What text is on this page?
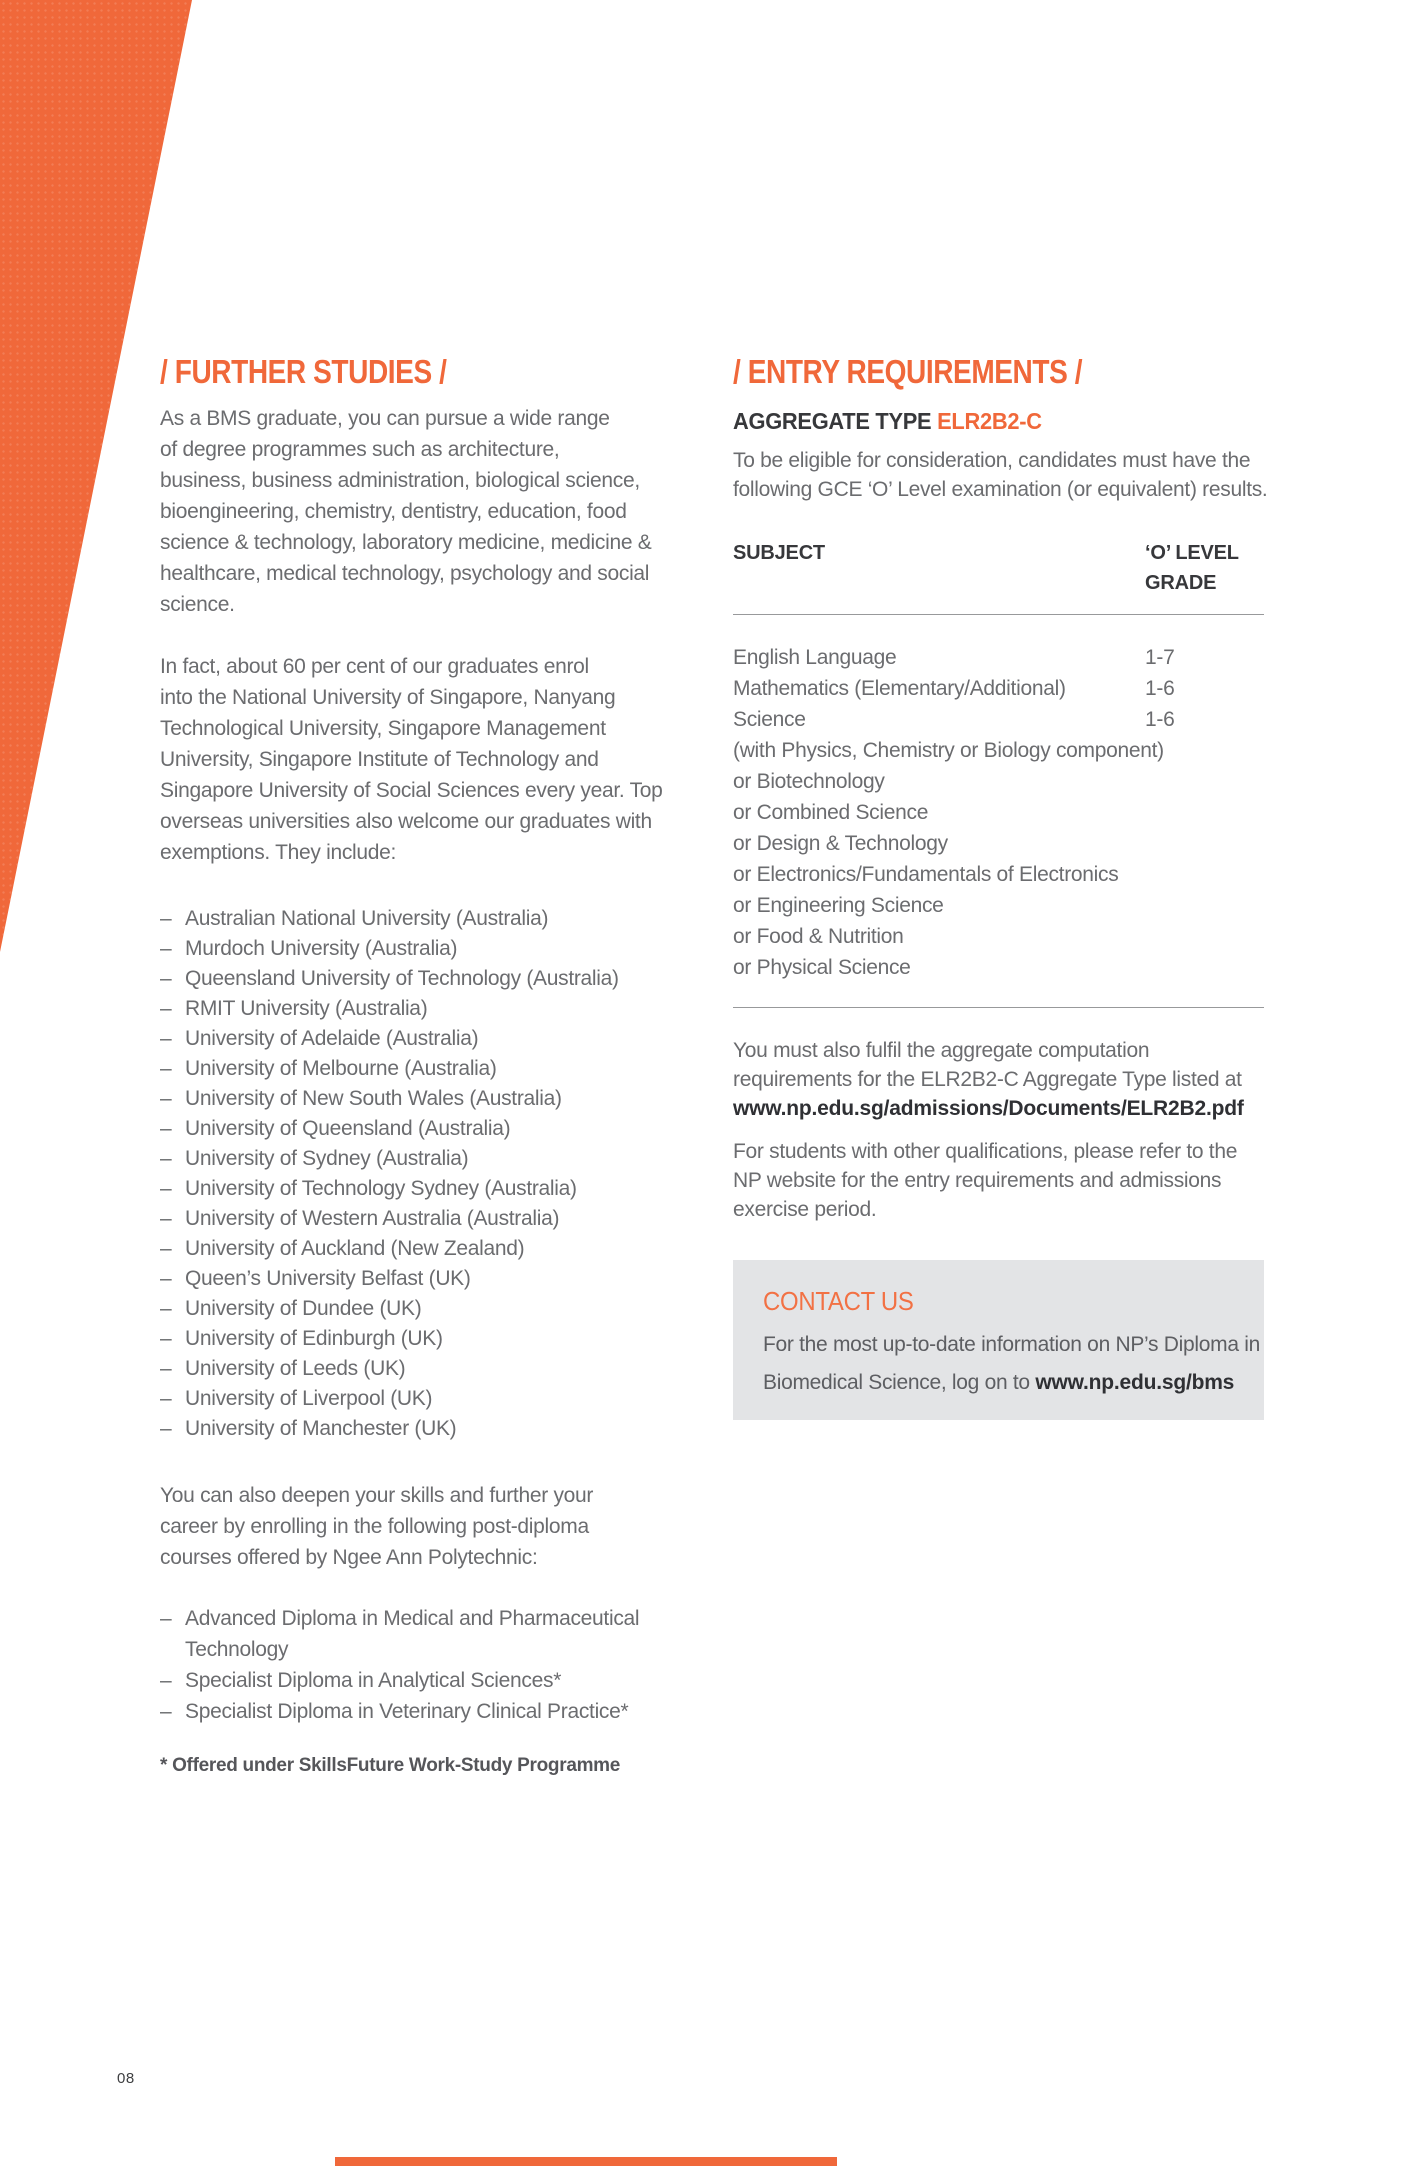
/ FURTHER STUDIES /
As a BMS graduate, you can pursue a wide range
of degree programmes such as architecture,
business, business administration, biological science,
bioengineering, chemistry, dentistry, education, food
science & technology, laboratory medicine, medicine &
healthcare, medical technology, psychology and social
science.
In fact, about 60 per cent of our graduates enrol
into the National University of Singapore, Nanyang
Technological University, Singapore Management
University, Singapore Institute of Technology and
Singapore University of Social Sciences every year. Top
overseas universities also welcome our graduates with
exemptions. They include:
– Australian National University (Australia)
– Murdoch University (Australia)
– Queensland University of Technology (Australia)
– RMIT University (Australia)
– University of Adelaide (Australia)
– University of Melbourne (Australia)
– University of New South Wales (Australia)
– University of Queensland (Australia)
– University of Sydney (Australia)
– University of Technology Sydney (Australia)
– University of Western Australia (Australia)
– University of Auckland (New Zealand)
– Queen’s University Belfast (UK)
– University of Dundee (UK)
– University of Edinburgh (UK)
– University of Leeds (UK)
– University of Liverpool (UK)
– University of Manchester (UK)
You can also deepen your skills and further your
career by enrolling in the following post-diploma
courses offered by Ngee Ann Polytechnic:
– Advanced Diploma in Medical and Pharmaceutical
Technology
– Specialist Diploma in Analytical Sciences*
– Specialist Diploma in Veterinary Clinical Practice*
* Offered under SkillsFuture Work-Study Programme
/ ENTRY REQUIREMENTS /
AGGREGATE TYPE ELR2B2-C
To be eligible for consideration, candidates must have the
following GCE ‘O’ Level examination (or equivalent) results.
SUBJECT	‘O’ LEVEL
GRADE
English Language	1-7
Mathematics (Elementary/Additional)	1-6
Science	1-6
(with Physics, Chemistry or Biology component)
or Biotechnology
or Combined Science
or Design & Technology
or Electronics/Fundamentals of Electronics
or Engineering Science
or Food & Nutrition
or Physical Science
You must also fulfil the aggregate computation
requirements for the ELR2B2-C Aggregate Type listed at
www.np.edu.sg/admissions/Documents/ELR2B2.pdf
For students with other qualifications, please refer to the
NP website for the entry requirements and admissions
exercise period.
CONTACT US
For the most up-to-date information on NP’s Diploma in
Biomedical Science, log on to www.np.edu.sg/bms
08
